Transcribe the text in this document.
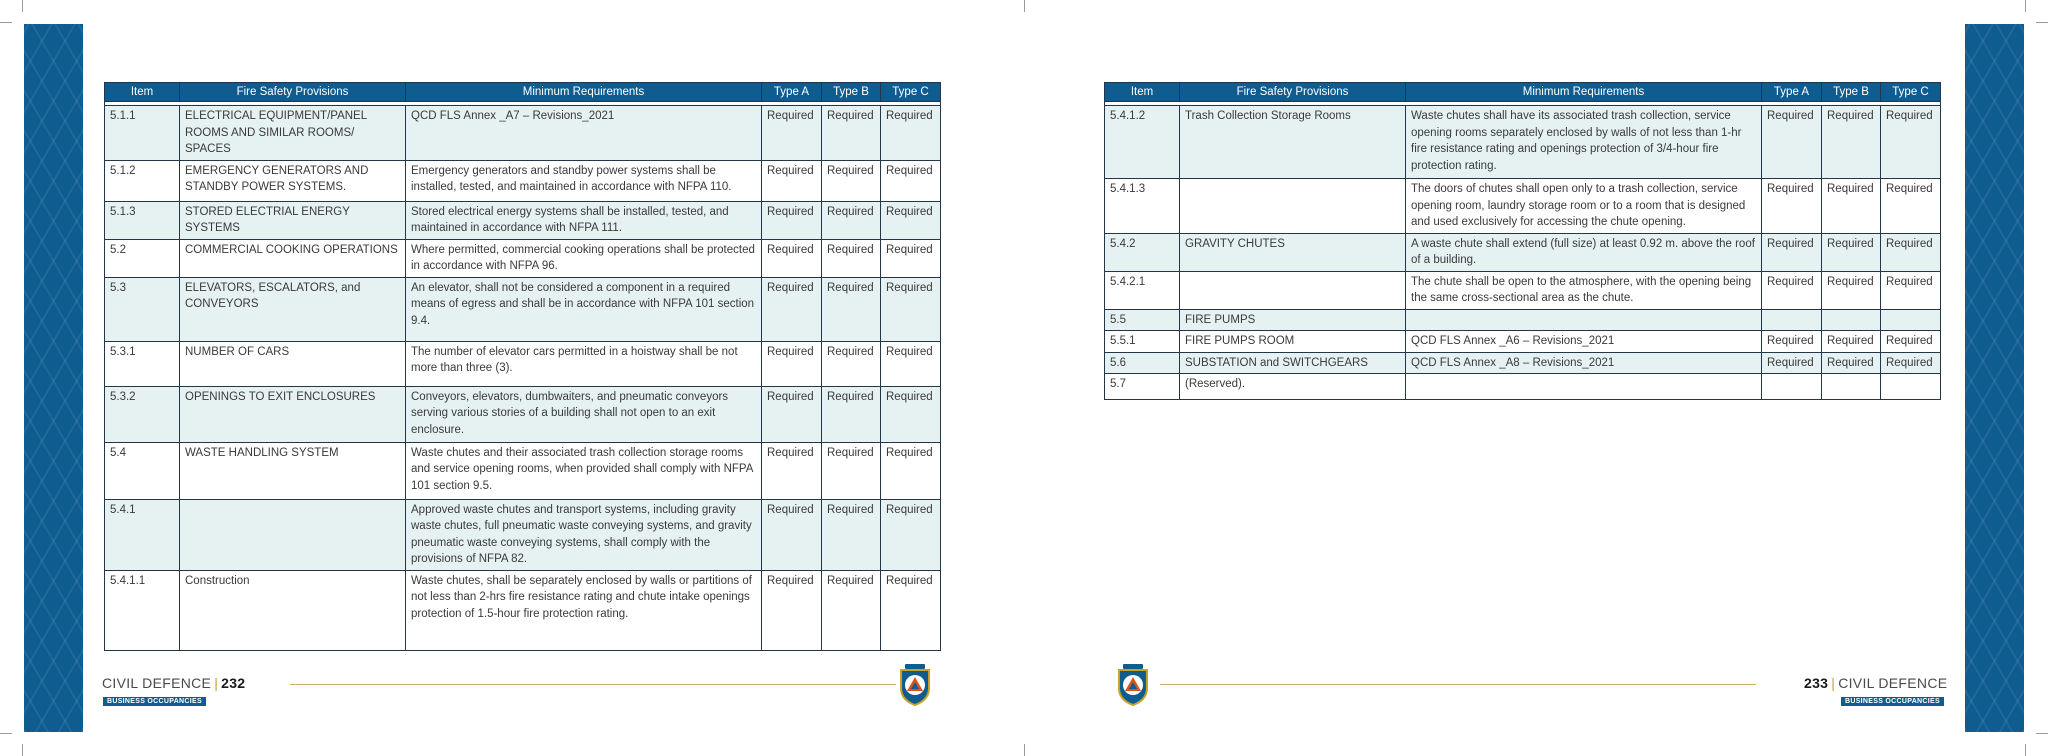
Item	Fire Safety Provisions	Minimum Requirements	Type A	Type B	Type C

5.1.1	ELECTRICAL EQUIPMENT/PANEL ROOMS AND SIMILAR ROOMS/ SPACES	QCD FLS Annex _A7 – Revisions_2021	Required	Required	Required
5.1.2	EMERGENCY GENERATORS AND STANDBY POWER SYSTEMS.	Emergency generators and standby power systems shall be installed, tested, and maintained in accordance with NFPA 110.	Required	Required	Required
5.1.3	STORED ELECTRIAL ENERGY SYSTEMS	Stored electrical energy systems shall be installed, tested, and maintained in accordance with NFPA 111.	Required	Required	Required
5.2	COMMERCIAL COOKING OPERATIONS	Where permitted, commercial cooking operations shall be protected in accordance with NFPA 96.	Required	Required	Required
5.3	ELEVATORS, ESCALATORS, and CONVEYORS	An elevator, shall not be considered a component in a required means of egress and shall be in accordance with NFPA 101 section 9.4.	Required	Required	Required
5.3.1	NUMBER OF CARS	The number of elevator cars permitted in a hoistway shall be not more than three (3).	Required	Required	Required
5.3.2	OPENINGS TO EXIT ENCLOSURES	Conveyors, elevators, dumbwaiters, and pneumatic conveyors serving various stories of a building shall not open to an exit enclosure.	Required	Required	Required
5.4	WASTE HANDLING SYSTEM	Waste chutes and their associated trash collection storage rooms and service opening rooms, when provided shall comply with NFPA 101 section 9.5.	Required	Required	Required
5.4.1		Approved waste chutes and transport systems, including gravity waste chutes, full pneumatic waste conveying systems, and gravity pneumatic waste conveying systems, shall comply with the provisions of NFPA 82.	Required	Required	Required
5.4.1.1	Construction	Waste chutes, shall be separately enclosed by walls or partitions of not less than 2-hrs fire resistance rating and chute intake openings protection of 1.5-hour fire protection rating.	Required	Required	Required
Item	Fire Safety Provisions	Minimum Requirements	Type A	Type B	Type C

5.4.1.2	Trash Collection Storage Rooms	Waste chutes shall have its associated trash collection, service opening rooms separately enclosed by walls of not less than 1-hr fire resistance rating and openings protection of 3/4-hour fire protection rating.	Required	Required	Required
5.4.1.3		The doors of chutes shall open only to a trash collection, service opening room, laundry storage room or to a room that is designed and used exclusively for accessing the chute opening.	Required	Required	Required
5.4.2	GRAVITY CHUTES	A waste chute shall extend (full size) at least 0.92 m. above the roof of a building.	Required	Required	Required
5.4.2.1		The chute shall be open to the atmosphere, with the opening being the same cross-sectional area as the chute.	Required	Required	Required
5.5	FIRE PUMPS				
5.5.1	FIRE PUMPS ROOM	QCD FLS Annex _A6 – Revisions_2021	Required	Required	Required
5.6	SUBSTATION and SWITCHGEARS	QCD FLS Annex _A8 – Revisions_2021	Required	Required	Required
5.7	(Reserved).				
CIVIL DEFENCE | 232
BUSINESS OCCUPANCIES
233 | CIVIL DEFENCE
BUSINESS OCCUPANCIES
